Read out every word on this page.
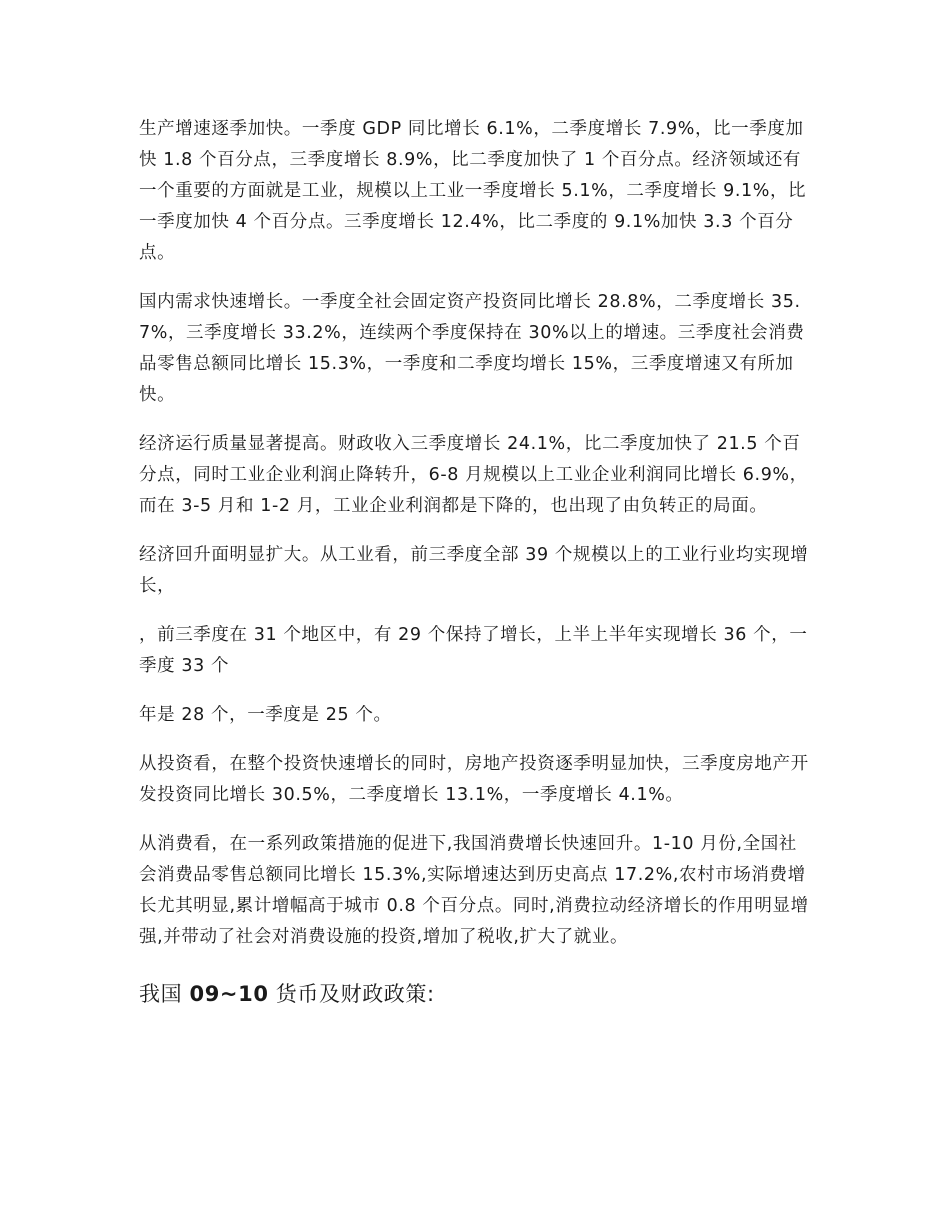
生产增速逐季加快。一季度 GDP 同比增长 6.1%，二季度增长 7.9%，比一季度加快 1.8 个百分点，三季度增长 8.9%，比二季度加快了 1 个百分点。经济领域还有一个重要的方面就是工业，规模以上工业一季度增长 5.1%，二季度增长 9.1%，比一季度加快 4 个百分点。三季度增长 12.4%，比二季度的 9.1%加快 3.3 个百分点。

国内需求快速增长。一季度全社会固定资产投资同比增长 28.8%，二季度增长 35.7%，三季度增长 33.2%，连续两个季度保持在 30%以上的增速。三季度社会消费品零售总额同比增长 15.3%，一季度和二季度均增长 15%，三季度增速又有所加快。

经济运行质量显著提高。财政收入三季度增长 24.1%，比二季度加快了 21.5 个百分点，同时工业企业利润止降转升，6-8 月规模以上工业企业利润同比增长 6.9%，而在 3-5 月和 1-2 月，工业企业利润都是下降的，也出现了由负转正的局面。

经济回升面明显扩大。从工业看，前三季度全部 39 个规模以上的工业行业均实现增长，

，前三季度在 31 个地区中，有 29 个保持了增长，上半上半年实现增长 36 个，一季度 33 个

年是 28 个，一季度是 25 个。

从投资看，在整个投资快速增长的同时，房地产投资逐季明显加快，三季度房地产开发投资同比增长 30.5%，二季度增长 13.1%，一季度增长 4.1%。

从消费看，在一系列政策措施的促进下,我国消费增长快速回升。1-10 月份,全国社会消费品零售总额同比增长 15.3%,实际增速达到历史高点 17.2%,农村市场消费增长尤其明显,累计增幅高于城市 0.8 个百分点。同时,消费拉动经济增长的作用明显增强,并带动了社会对消费设施的投资,增加了税收,扩大了就业。

我国 09~10 货币及财政政策:
